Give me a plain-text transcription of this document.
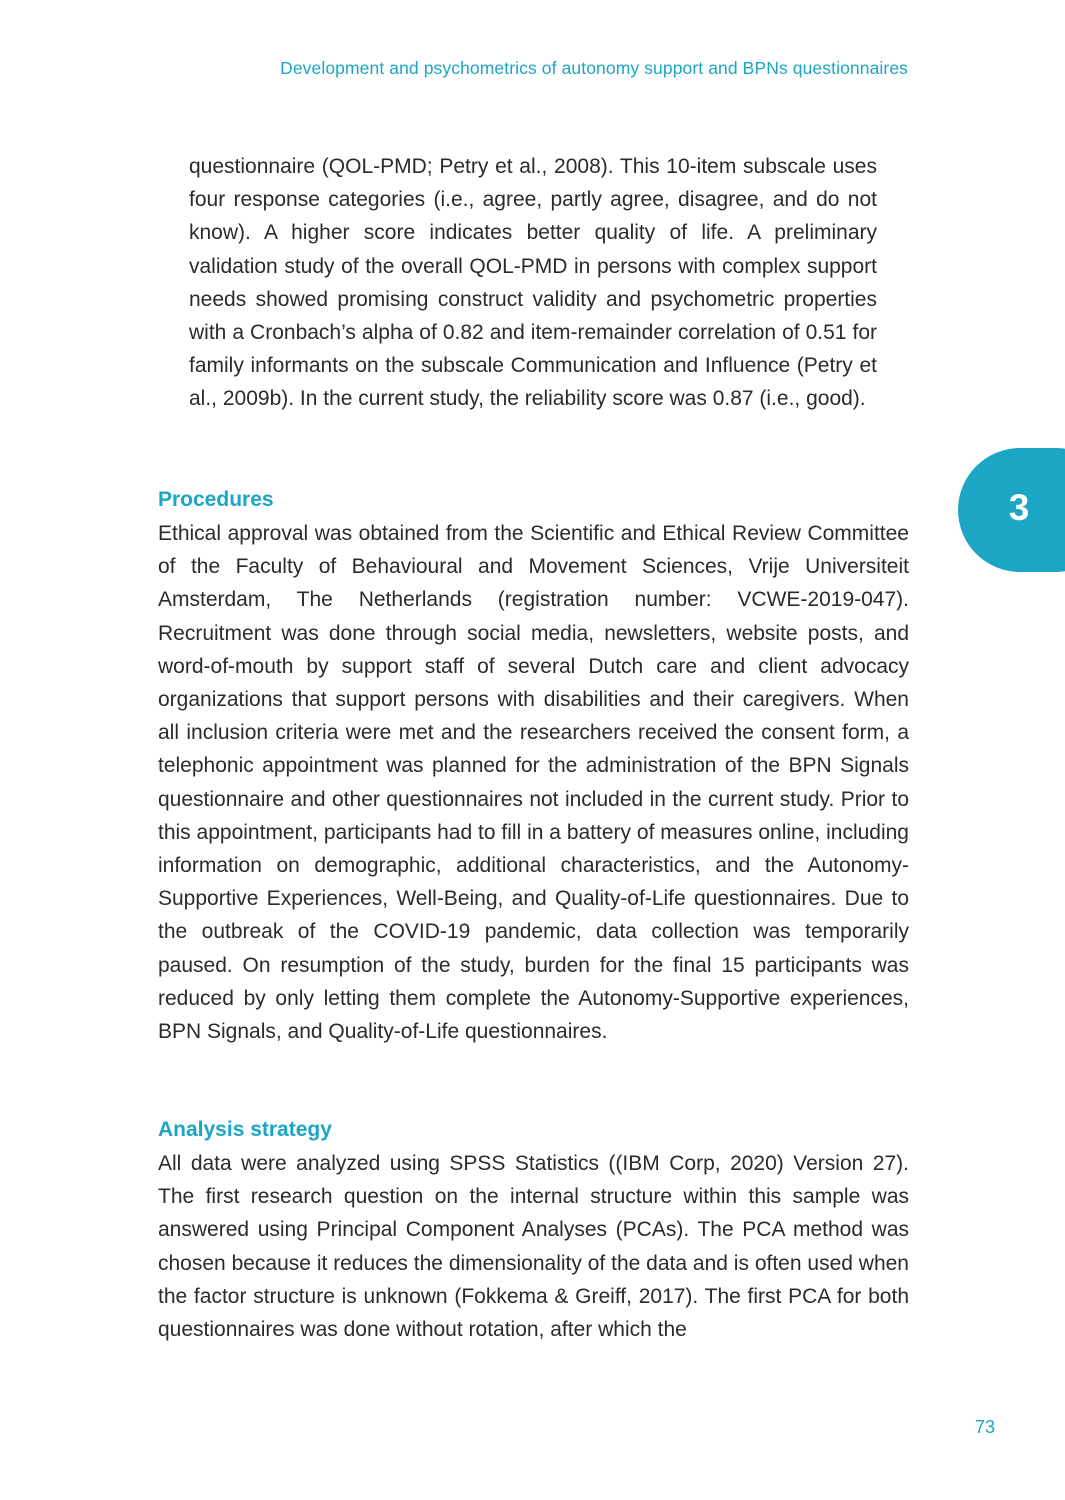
Development and psychometrics of autonomy support and BPNs questionnaires

questionnaire (QOL-PMD; Petry et al., 2008). This 10-item subscale uses four response categories (i.e., agree, partly agree, disagree, and do not know). A higher score indicates better quality of life. A preliminary validation study of the overall QOL-PMD in persons with complex support needs showed promising construct validity and psychometric properties with a Cronbach’s alpha of 0.82 and item-remainder correlation of 0.51 for family informants on the subscale Communication and Influence (Petry et al., 2009b). In the current study, the reliability score was 0.87 (i.e., good).

Procedures

Ethical approval was obtained from the Scientific and Ethical Review Committee of the Faculty of Behavioural and Movement Sciences, Vrije Universiteit Amsterdam, The Netherlands (registration number: VCWE-2019-047). Recruitment was done through social media, newsletters, website posts, and word-of-mouth by support staff of several Dutch care and client advocacy organizations that support persons with disabilities and their caregivers. When all inclusion criteria were met and the researchers received the consent form, a telephonic appointment was planned for the administration of the BPN Signals questionnaire and other questionnaires not included in the current study. Prior to this appointment, participants had to fill in a battery of measures online, including information on demographic, additional characteristics, and the Autonomy-Supportive Experiences, Well-Being, and Quality-of-Life questionnaires. Due to the outbreak of the COVID-19 pandemic, data collection was temporarily paused. On resumption of the study, burden for the final 15 participants was reduced by only letting them complete the Autonomy-Supportive experiences, BPN Signals, and Quality-of-Life questionnaires.

Analysis strategy

All data were analyzed using SPSS Statistics ((IBM Corp, 2020) Version 27). The first research question on the internal structure within this sample was answered using Principal Component Analyses (PCAs). The PCA method was chosen because it reduces the dimensionality of the data and is often used when the factor structure is unknown (Fokkema & Greiff, 2017). The first PCA for both questionnaires was done without rotation, after which the

3
73
